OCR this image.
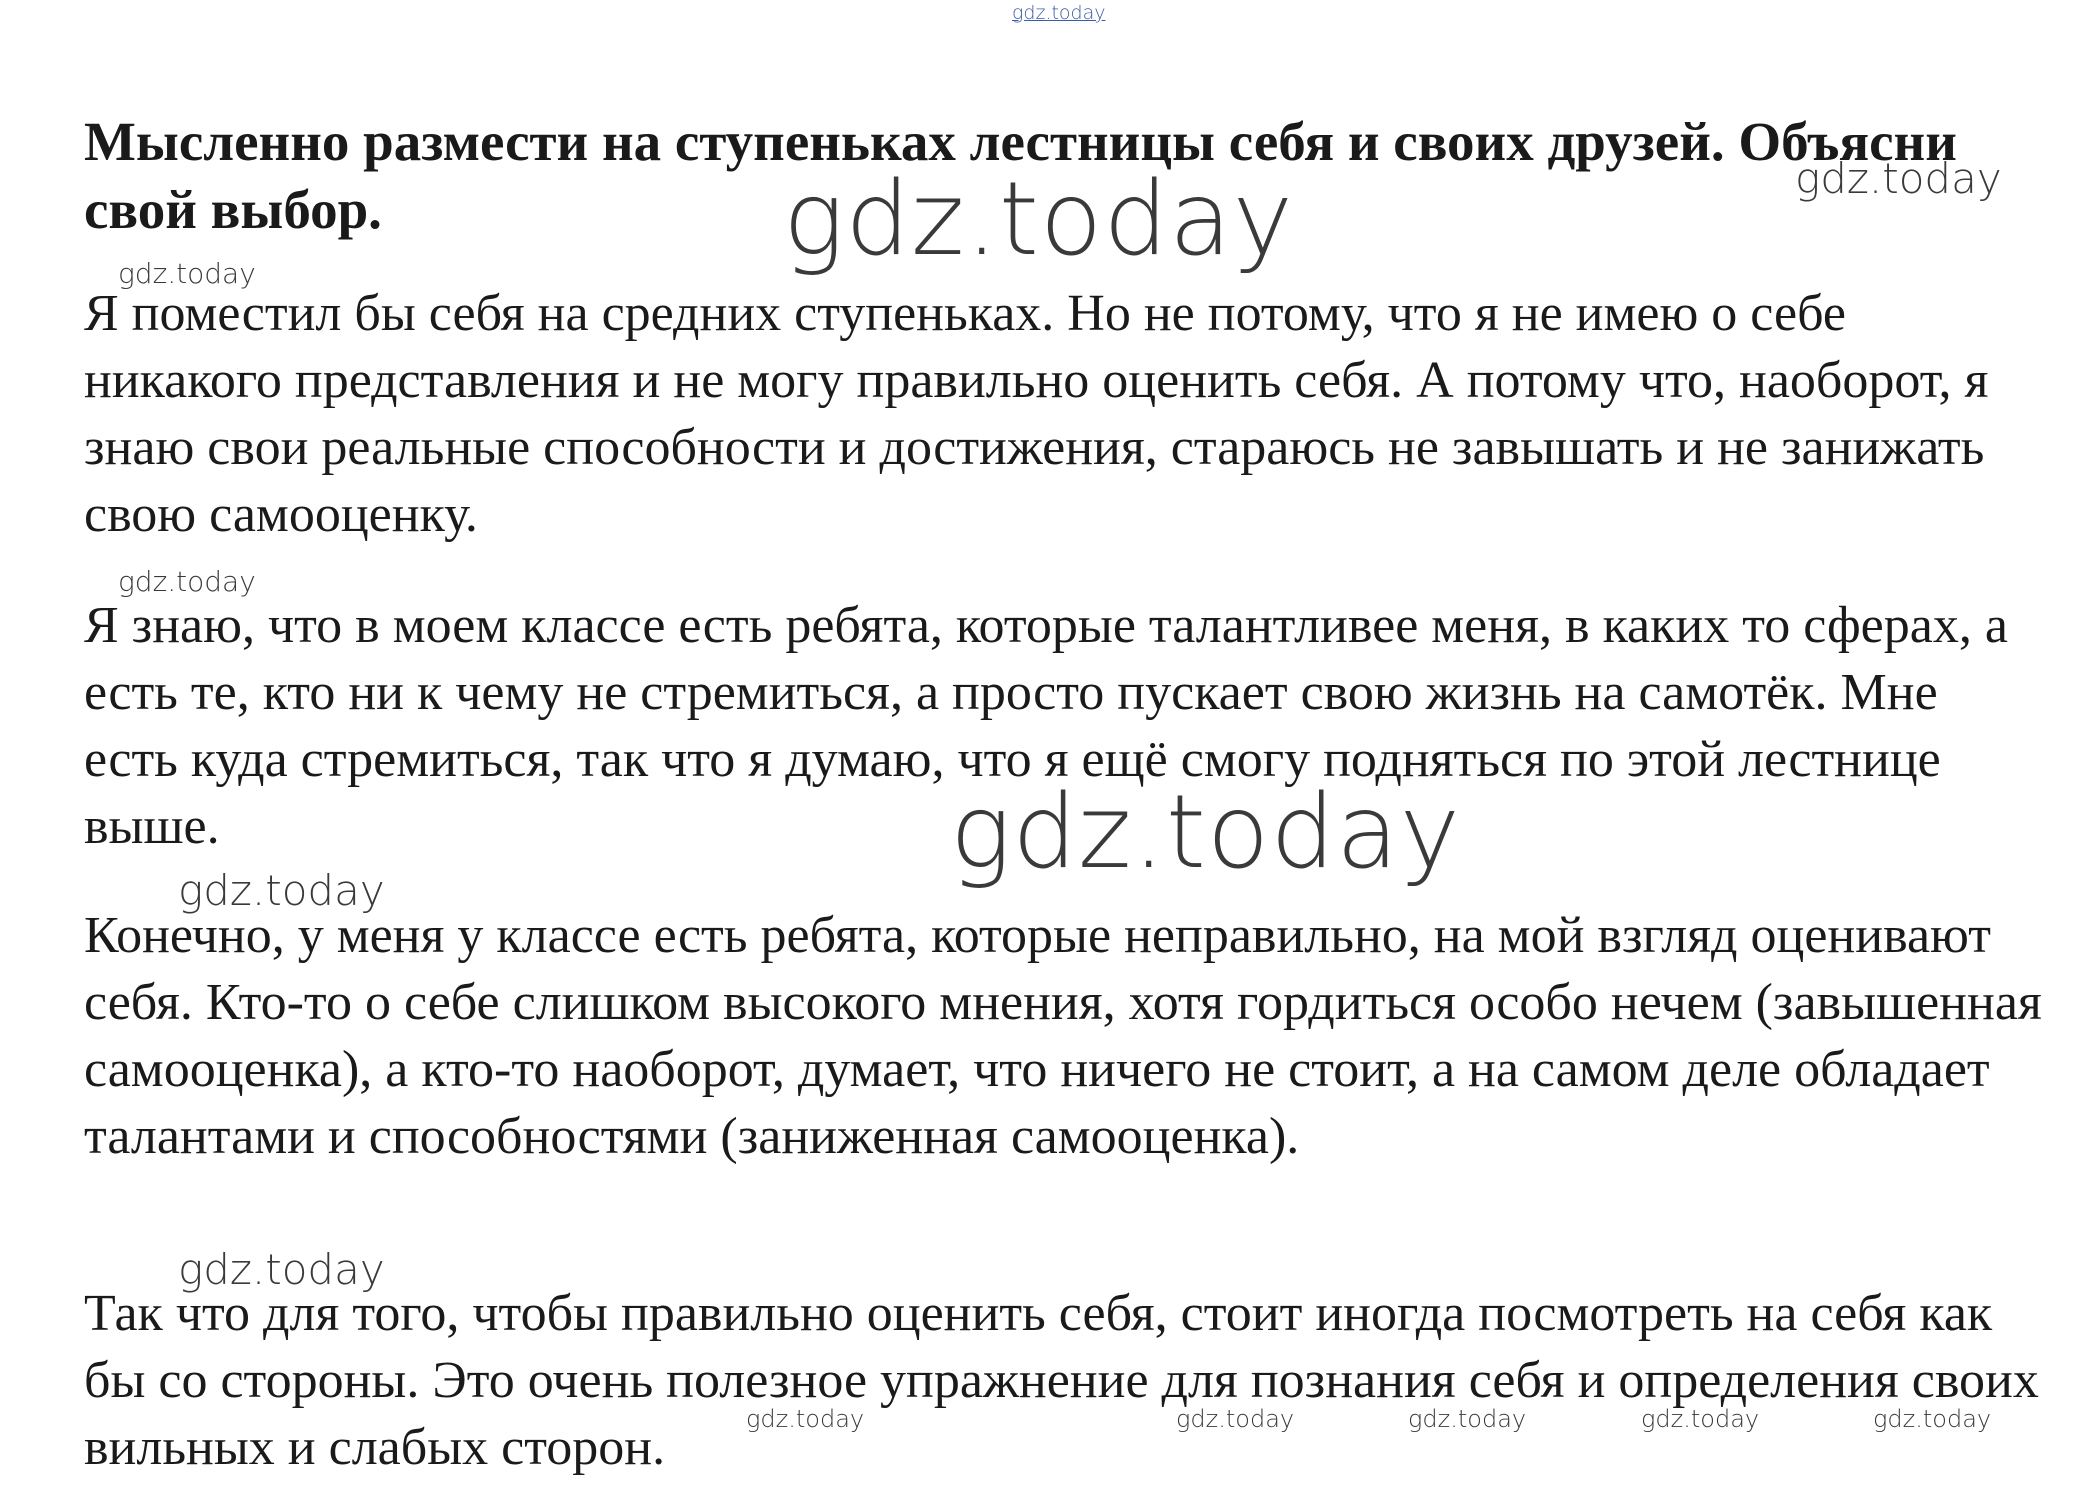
gdz.today
Мысленно размести на ступеньках лестницы себя и своих друзей. Объясни свой выбор.

Я поместил бы себя на средних ступеньках. Но не потому, что я не имею о себе никакого представления и не могу правильно оценить себя. А потому что, наоборот, я знаю свои реальные способности и достижения, стараюсь не завышать и не занижать свою самооценку.

Я знаю, что в моем классе есть ребята, которые талантливее меня, в каких то сферах, а есть те, кто ни к чему не стремиться, а просто пускает свою жизнь на самотёк. Мне есть куда стремиться, так что я думаю, что я ещё смогу подняться по этой лестнице выше.

Конечно, у меня у классе есть ребята, которые неправильно, на мой взгляд оценивают себя. Кто-то о себе слишком высокого мнения, хотя гордиться особо нечем (завышенная самооценка), а кто-то наоборот, думает, что ничего не стоит, а на самом деле обладает талантами и способностями (заниженная самооценка).

Так что для того, чтобы правильно оценить себя, стоит иногда посмотреть на себя как бы со стороны. Это очень полезное упражнение для познания себя и определения своих вильных и слабых сторон.

gdz.today
gdz.today
gdz.today
gdz.today
gdz.today
gdz.today
gdz.today
gdz.today	gdz.today	gdz.today	gdz.today	gdz.today
